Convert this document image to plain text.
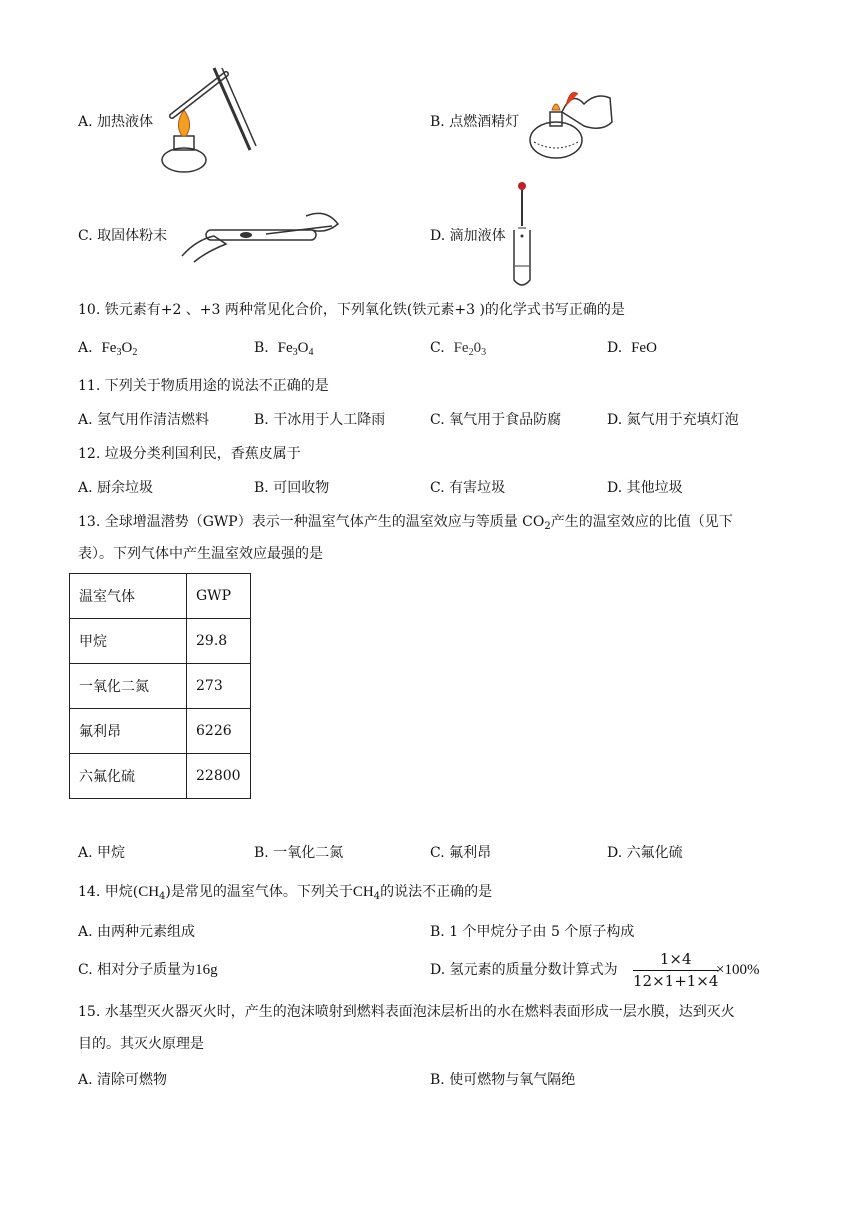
A. 加热液体	B. 点燃酒精灯
C. 取固体粉末	D. 滴加液体
10. 铁元素有+2 、+3 两种常见化合价，下列氧化铁(铁元素+3 )的化学式书写正确的是
A. $Fe_3O_2$	B. $Fe_3O_4$	C. $Fe_20_3$	D. FeO
11. 下列关于物质用途的说法不正确的是
A. 氢气用作清洁燃料	B. 干冰用于人工降雨	C. 氧气用于食品防腐	D. 氮气用于充填灯泡
12. 垃圾分类利国利民，香蕉皮属于
A. 厨余垃圾	B. 可回收物	C. 有害垃圾	D. 其他垃圾
13. 全球增温潜势（GWP）表示一种温室气体产生的温室效应与等质量 $CO_2$产生的温室效应的比值（见下
表）。下列气体中产生温室效应最强的是
温室气体	GWP
甲烷	29.8
一氧化二氮	273
氟利昂	6226
六氟化硫	22800
A. 甲烷	B. 一氧化二氮	C. 氟利昂	D. 六氟化硫
14. 甲烷$(CH_4)$是常见的温室气体。下列关于$CH_4$的说法不正确的是
A. 由两种元素组成	B. 1 个甲烷分子由 5 个原子构成
C. 相对分子质量为16g	D. 氢元素的质量分数计算式为 $\frac{1\times 4}{12\times 1+1\times 4}$
×100%
15. 水基型灭火器灭火时，产生的泡沫喷射到燃料表面泡沫层析出的水在燃料表面形成一层水膜，达到灭火
目的。其灭火原理是
A. 清除可燃物	B. 使可燃物与氧气隔绝
